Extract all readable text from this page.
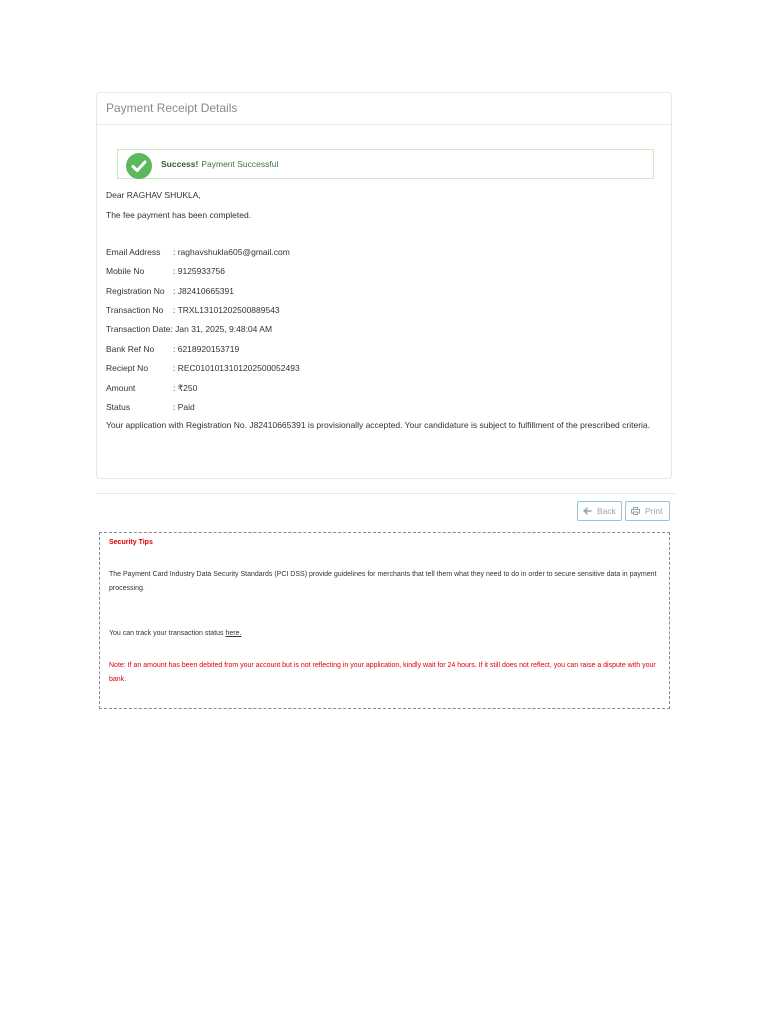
Payment Receipt Details
Success! Payment Successful
Dear RAGHAV SHUKLA,
The fee payment has been completed.
Email Address : raghavshukla605@gmail.com
Mobile No	: 9125933756
Registration No : J82410665391
Transaction No : TRXL13101202500889543
Transaction Date: Jan 31, 2025, 9:48:04 AM
Bank Ref No : 6218920153719
Reciept No	: REC0101013101202500052493
Amount	: ₹250
Status	: Paid
Your application with Registration No. J82410665391 is provisionally accepted. Your candidature is subject to fulfillment of the prescribed criteria.
Back	Print
Security Tips
The Payment Card Industry Data Security Standards (PCI DSS) provide guidelines for merchants that tell them what they need to do in order to secure sensitive data in payment processing.
You can track your transaction status here.
Note: If an amount has been debited from your account but is not reflecting in your application, kindly wait for 24 hours. If it still does not reflect, you can raise a dispute with your bank.
